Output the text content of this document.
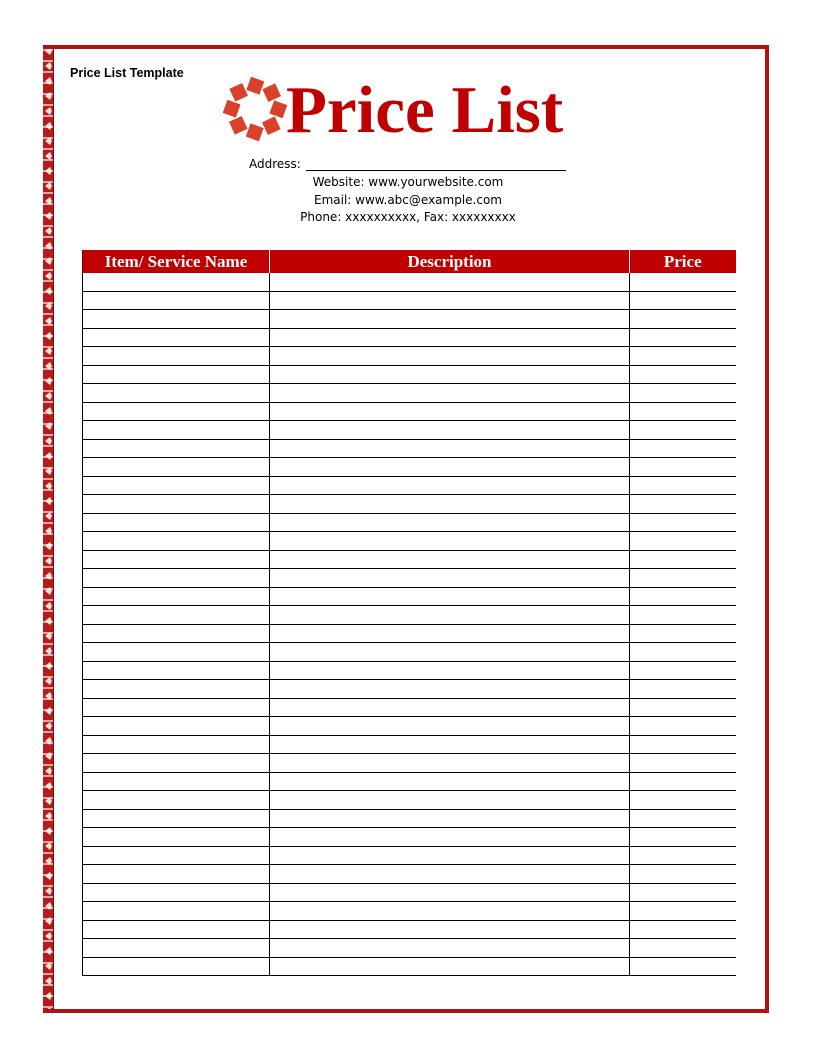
Price List Template Price List
Address:
Website: www.yourwebsite.com
Email: www.abc@example.com
Phone: xxxxxxxxxx, Fax: xxxxxxxxx
Item/ Service Name	Description	Price
